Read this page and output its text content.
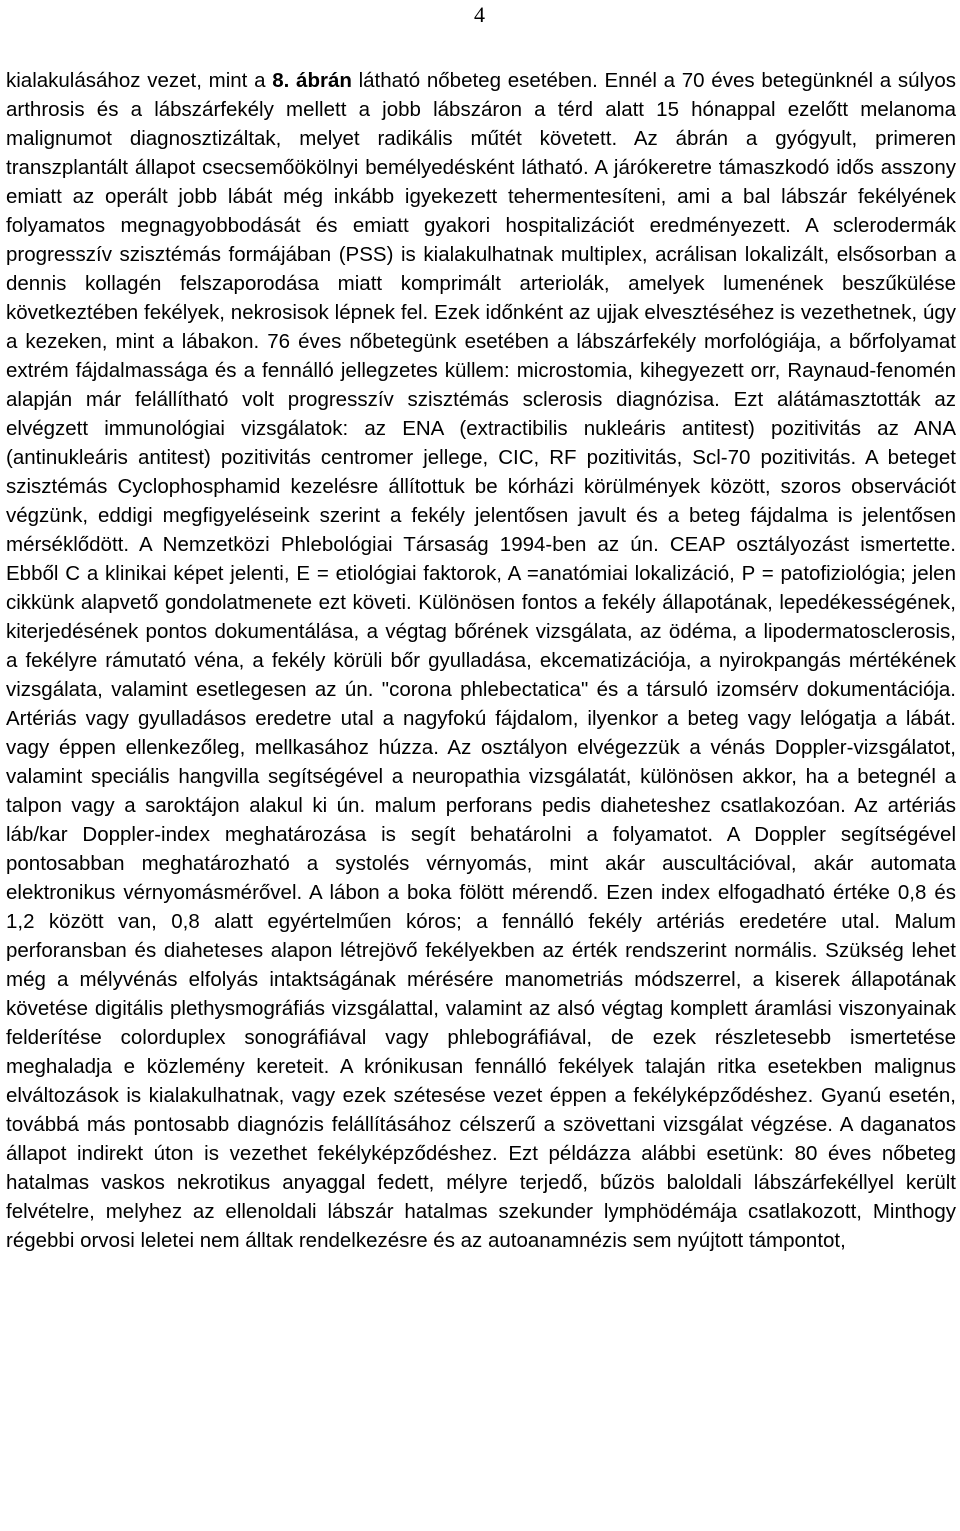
4

kialakulásához vezet, mint a 8. ábrán látható nőbeteg esetében. Ennél a 70 éves betegünknél a súlyos arthrosis és a lábszárfekély mellett a jobb lábszáron a térd alatt 15 hónappal ezelőtt melanoma malignumot diagnosztizáltak, melyet radikális műtét követett. Az ábrán a gyógyult, primeren transzplantált állapot csecsemőökölnyi bemélyedésként látható. A járókeretre támaszkodó idős asszony emiatt az operált jobb lábát még inkább igyekezett tehermentesíteni, ami a bal lábszár fekélyének folyamatos megnagyobbodását és emiatt gyakori hospitalizációt eredményezett. A sclerodermák progresszív szisztémás formájában (PSS) is kialakulhatnak multiplex, acrálisan lokalizált, elsősorban a dennis kollagén felszaporodása miatt komprimált arteriolák, amelyek lumenének beszűkülése következtében fekélyek, nekrosisok lépnek fel. Ezek időnként az ujjak elvesztéséhez is vezethetnek, úgy a kezeken, mint a lábakon. 76 éves nőbetegünk esetében a lábszárfekély morfológiája, a bőrfolyamat extrém fájdalmassága és a fennálló jellegzetes küllem: microstomia, kihegyezett orr, Raynaud-fenomén alapján már felállítható volt progresszív szisztémás sclerosis diagnózisa. Ezt alátámasztották az elvégzett immunológiai vizsgálatok: az ENA (extractibilis nukleáris antitest) pozitivitás az ANA (antinukleáris antitest) pozitivitás centromer jellege, CIC, RF pozitivitás, Scl-70 pozitivitás. A beteget szisztémás Cyclophosphamid kezelésre állítottuk be kórházi körülmények között, szoros observációt végzünk, eddigi megfigyeléseink szerint a fekély jelentősen javult és a beteg fájdalma is jelentősen mérséklődött. A Nemzetközi Phlebológiai Társaság 1994-ben az ún. CEAP osztályozást ismertette. Ebből C a klinikai képet jelenti, E = etiológiai faktorok, A =anatómiai lokalizáció, P = patofiziológia; jelen cikkünk alapvető gondolatmenete ezt követi. Különösen fontos a fekély állapotának, lepedékességének, kiterjedésének pontos dokumentálása, a végtag bőrének vizsgálata, az ödéma, a lipodermatosclerosis, a fekélyre rámutató véna, a fekély körüli bőr gyulladása, ekcematizációja, a nyirokpangás mértékének vizsgálata, valamint esetlegesen az ún. "corona phlebectatica" és a társuló izomsérv dokumentációja. Artériás vagy gyulladásos eredetre utal a nagyfokú fájdalom, ilyenkor a beteg vagy lelógatja a lábát. vagy éppen ellenkezőleg, mellkasához húzza. Az osztályon elvégezzük a vénás Doppler-vizsgálatot, valamint speciális hangvilla segítségével a neuropathia vizsgálatát, különösen akkor, ha a betegnél a talpon vagy a saroktájon alakul ki ún. malum perforans pedis diaheteshez csatlakozóan. Az artériás láb/kar Doppler-index meghatározása is segít behatárolni a folyamatot. A Doppler segítségével pontosabban meghatározható a systolés vérnyomás, mint akár auscultációval, akár automata elektronikus vérnyomásmérővel. A lábon a boka fölött mérendő. Ezen index elfogadható értéke 0,8 és 1,2 között van, 0,8 alatt egyértelműen kóros; a fennálló fekély artériás eredetére utal. Malum perforansban és diaheteses alapon létrejövő fekélyekben az érték rendszerint normális. Szükség lehet még a mélyvénás elfolyás intaktságának mérésére manometriás módszerrel, a kiserek állapotának követése digitális plethysmográfiás vizsgálattal, valamint az alsó végtag komplett áramlási viszonyainak felderítése colorduplex sonográfiával vagy phlebográfiával, de ezek részletesebb ismertetése meghaladja e közlemény kereteit. A krónikusan fennálló fekélyek talaján ritka esetekben malignus elváltozások is kialakulhatnak, vagy ezek szétesése vezet éppen a fekélyképződéshez. Gyanú esetén, továbbá más pontosabb diagnózis felállításához célszerű a szövettani vizsgálat végzése. A daganatos állapot indirekt úton is vezethet fekélyképződéshez. Ezt példázza alábbi esetünk: 80 éves nőbeteg hatalmas vaskos nekrotikus anyaggal fedett, mélyre terjedő, bűzös baloldali lábszárfekéllyel került felvételre, melyhez az ellenoldali lábszár hatalmas szekunder lymphödémája csatlakozott, Minthogy régebbi orvosi leletei nem álltak rendelkezésre és az autoanamnézis sem nyújtott támpontot,
